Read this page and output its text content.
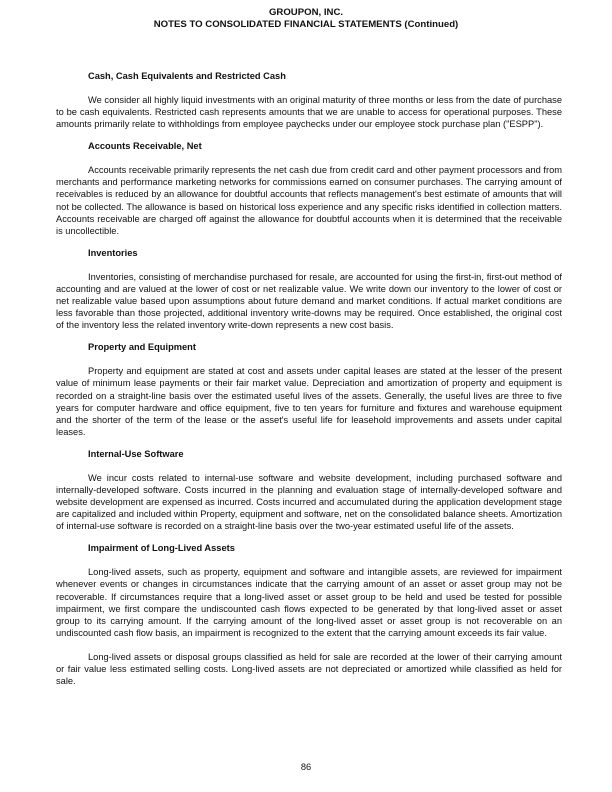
GROUPON, INC.
NOTES TO CONSOLIDATED FINANCIAL STATEMENTS (Continued)
Cash, Cash Equivalents and Restricted Cash

We consider all highly liquid investments with an original maturity of three months or less from the date of purchase to be cash equivalents. Restricted cash represents amounts that we are unable to access for operational purposes. These amounts primarily relate to withholdings from employee paychecks under our employee stock purchase plan ("ESPP").

Accounts Receivable, Net

Accounts receivable primarily represents the net cash due from credit card and other payment processors and from merchants and performance marketing networks for commissions earned on consumer purchases. The carrying amount of receivables is reduced by an allowance for doubtful accounts that reflects management's best estimate of amounts that will not be collected. The allowance is based on historical loss experience and any specific risks identified in collection matters. Accounts receivable are charged off against the allowance for doubtful accounts when it is determined that the receivable is uncollectible.

Inventories

Inventories, consisting of merchandise purchased for resale, are accounted for using the first-in, first-out method of accounting and are valued at the lower of cost or net realizable value. We write down our inventory to the lower of cost or net realizable value based upon assumptions about future demand and market conditions. If actual market conditions are less favorable than those projected, additional inventory write-downs may be required. Once established, the original cost of the inventory less the related inventory write-down represents a new cost basis.

Property and Equipment

Property and equipment are stated at cost and assets under capital leases are stated at the lesser of the present value of minimum lease payments or their fair market value. Depreciation and amortization of property and equipment is recorded on a straight-line basis over the estimated useful lives of the assets. Generally, the useful lives are three to five years for computer hardware and office equipment, five to ten years for furniture and fixtures and warehouse equipment and the shorter of the term of the lease or the asset's useful life for leasehold improvements and assets under capital leases.

Internal-Use Software

We incur costs related to internal-use software and website development, including purchased software and internally-developed software. Costs incurred in the planning and evaluation stage of internally-developed software and website development are expensed as incurred. Costs incurred and accumulated during the application development stage are capitalized and included within Property, equipment and software, net on the consolidated balance sheets. Amortization of internal-use software is recorded on a straight-line basis over the two-year estimated useful life of the assets.

Impairment of Long-Lived Assets

Long-lived assets, such as property, equipment and software and intangible assets, are reviewed for impairment whenever events or changes in circumstances indicate that the carrying amount of an asset or asset group may not be recoverable. If circumstances require that a long-lived asset or asset group to be held and used be tested for possible impairment, we first compare the undiscounted cash flows expected to be generated by that long-lived asset or asset group to its carrying amount. If the carrying amount of the long-lived asset or asset group is not recoverable on an undiscounted cash flow basis, an impairment is recognized to the extent that the carrying amount exceeds its fair value.

Long-lived assets or disposal groups classified as held for sale are recorded at the lower of their carrying amount or fair value less estimated selling costs. Long-lived assets are not depreciated or amortized while classified as held for sale.

86
